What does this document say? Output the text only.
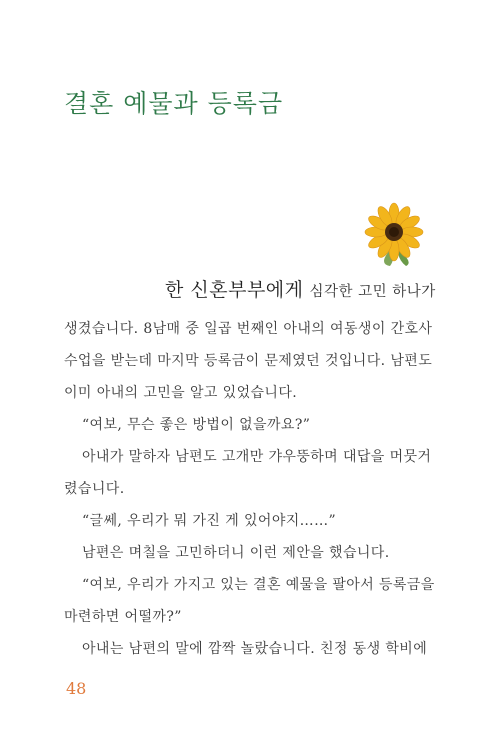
결혼 예물과 등록금
한 신혼부부에게 심각한 고민 하나가
생겼습니다. 8남매 중 일곱 번째인 아내의 여동생이 간호사
수업을 받는데 마지막 등록금이 문제였던 것입니다. 남편도
이미 아내의 고민을 알고 있었습니다.
“여보, 무슨 좋은 방법이 없을까요?”
아내가 말하자 남편도 고개만 갸우뚱하며 대답을 머뭇거
렸습니다.
“글쎄, 우리가 뭐 가진 게 있어야지……”
남편은 며칠을 고민하더니 이런 제안을 했습니다.
“여보, 우리가 가지고 있는 결혼 예물을 팔아서 등록금을
마련하면 어떨까?”
아내는 남편의 말에 깜짝 놀랐습니다. 친정 동생 학비에

48
